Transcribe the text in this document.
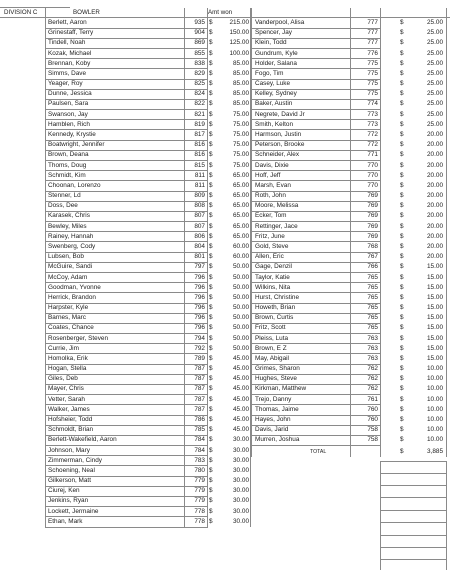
DIVISION C	BOWLER	Amt won
Berlett, Aaron	935 $	215.00
Grinestaff, Terry	904 $	150.00
Tindell, Noah	869 $	125.00
Kozak, Michael	855 $	100.00
Brennan, Koby	838 $	85.00
Simms, Dave	829 $	85.00
Yeager, Roy	825 $	85.00
Dunne, Jessica	824 $	85.00
Paulsen, Sara	822 $	85.00
Swanson, Jay	821 $	75.00
Hamblen, Rich	819 $	75.00
Kennedy, Krystie	817 $	75.00
Boatwright, Jennifer	816 $	75.00
Brown, Deana	816 $	75.00
Thoms, Doug	815 $	75.00
Schmidt, Kim	811 $	65.00
Choonan, Lorenzo	811 $	65.00
Stenner, Ld	809 $	65.00
Doss, Dee	808 $	65.00
Karasek, Chris	807 $	65.00
Bewley, Miles	807 $	65.00
Rainey, Hannah	806 $	65.00
Swenberg, Cody	804 $	60.00
Lubsen, Bob	801 $	60.00
McGuire, Sandi	797 $	50.00
McCoy, Adam	796 $	50.00
Goodman, Yvonne	796 $	50.00
Herrick, Brandon	796 $	50.00
Harpster, Kyle	796 $	50.00
Barnes, Marc	796 $	50.00
Coates, Chance	796 $	50.00
Rosenberger, Steven	794 $	50.00
Currie, Jim	792 $	50.00
Homolka, Erik	789 $	45.00
Hogan, Stella	787 $	45.00
Giles, Deb	787 $	45.00
Mayer, Chris	787 $	45.00
Vetter, Sarah	787 $	45.00
Walker, James	787 $	45.00
Hofsheier, Todd	786 $	45.00
Schmoldt, Brian	785 $	45.00
Berlett-Wakefield, Aaron	784 $	30.00
Johnson, Mary	784 $	30.00
Zimmerman, Cindy	783 $	30.00
Schoening, Neal	780 $	30.00
Gilkerson, Matt	779 $	30.00
Ciurej, Ken	779 $	30.00
Jenkins, Ryan	779 $	30.00
Lockett, Jermaine	778 $	30.00
Ethan, Mark	778 $	30.00
Vanderpool, Alisa	777	$	25.00
Spencer, Jay	777	$	25.00
Klein, Todd	777	$	25.00
Gundrum, Kyle	776	$	25.00
Holder, Salana	775	$	25.00
Fogo, Tim	775	$	25.00
Casey, Luke	775	$	25.00
Kelley, Sydney	775	$	25.00
Baker, Austin	774	$	25.00
Negrete, David Jr	773	$	25.00
Smith, Kelton	773	$	25.00
Harmson, Justin	772	$	20.00
Peterson, Brooke	772	$	20.00
Schneider, Alex	771	$	20.00
Davis, Dixie	770	$	20.00
Hoff, Jeff	770	$	20.00
Marsh, Evan	770	$	20.00
Roth, John	769	$	20.00
Moore, Melissa	769	$	20.00
Ecker, Tom	769	$	20.00
Rettinger, Jace	769	$	20.00
Fritz, June	769	$	20.00
Gold, Steve	768	$	20.00
Allen, Eric	767	$	20.00
Gage, Denzil	766	$	15.00
Taylor, Katie	765	$	15.00
Wilkins, Nita	765	$	15.00
Hurst, Christine	765	$	15.00
Howeth, Brian	765	$	15.00
Brown, Curtis	765	$	15.00
Fritz, Scott	765	$	15.00
Pleiss, Luta	763	$	15.00
Brown, E Z	763	$	15.00
May, Abigail	763	$	15.00
Grimes, Sharon	762	$	10.00
Hughes, Steve	762	$	10.00
Kirkman, Matthew	762	$	10.00
Trejo, Danny	761	$	10.00
Thomas, Jaime	760	$	10.00
Hayes, John	760	$	10.00
Davis, Jarid	758	$	10.00
Murren, Joshua	758	$	10.00
TOTAL	$	3,885
